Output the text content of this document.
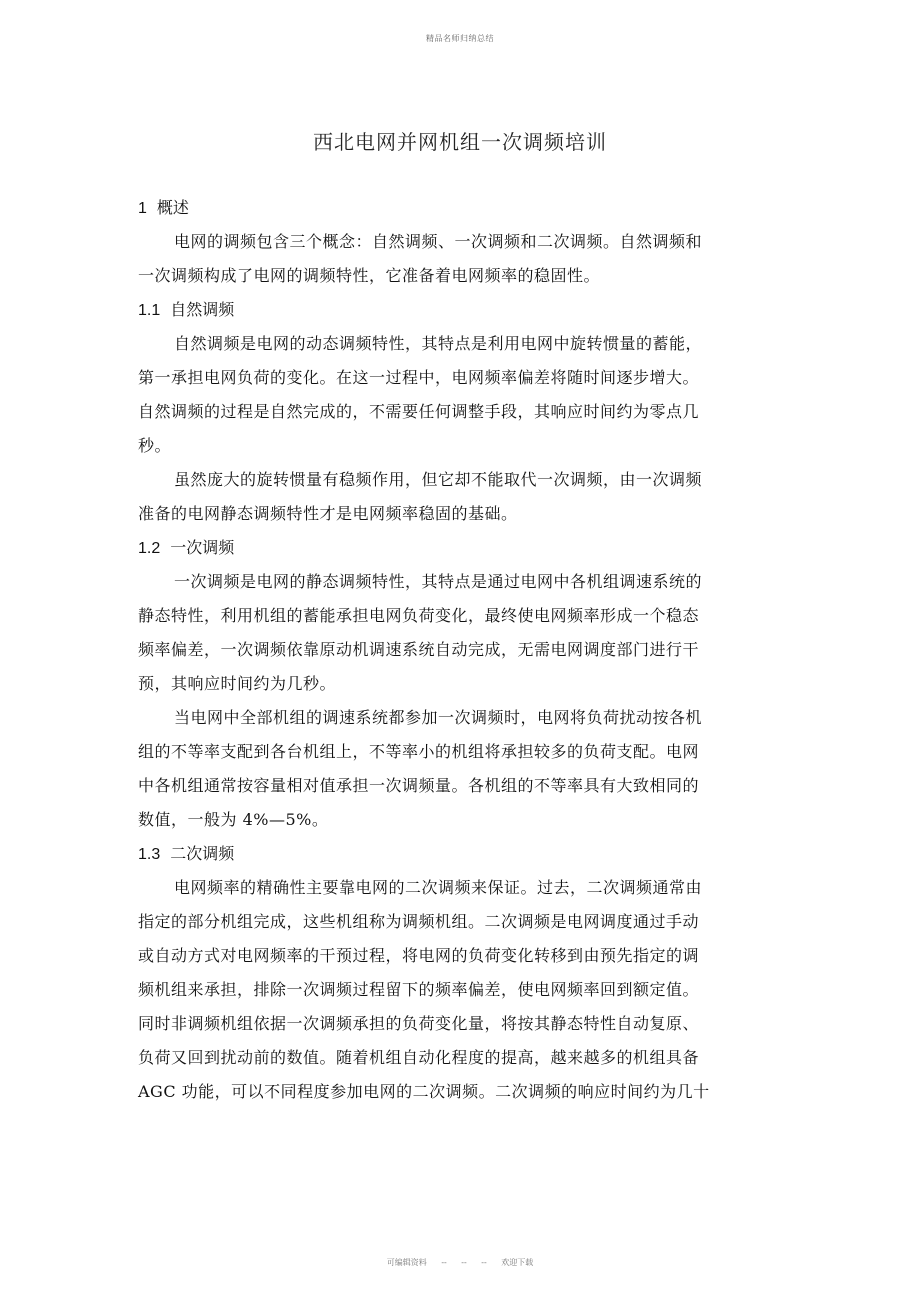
精品名师归纳总结
西北电网并网机组一次调频培训
1 概述
电网的调频包含三个概念：自然调频、一次调频和二次调频。自然调频和
一次调频构成了电网的调频特性，它准备着电网频率的稳固性。
1.1 自然调频
自然调频是电网的动态调频特性，其特点是利用电网中旋转惯量的蓄能，
第一承担电网负荷的变化。在这一过程中，电网频率偏差将随时间逐步增大。
自然调频的过程是自然完成的，不需要任何调整手段，其响应时间约为零点几
秒。
虽然庞大的旋转惯量有稳频作用，但它却不能取代一次调频，由一次调频
准备的电网静态调频特性才是电网频率稳固的基础。
1.2 一次调频
一次调频是电网的静态调频特性，其特点是通过电网中各机组调速系统的
静态特性，利用机组的蓄能承担电网负荷变化，最终使电网频率形成一个稳态
频率偏差，一次调频依靠原动机调速系统自动完成，无需电网调度部门进行干
预，其响应时间约为几秒。
当电网中全部机组的调速系统都参加一次调频时，电网将负荷扰动按各机
组的不等率支配到各台机组上，不等率小的机组将承担较多的负荷支配。电网
中各机组通常按容量相对值承担一次调频量。各机组的不等率具有大致相同的
数值，一般为 4%—5%。
1.3 二次调频
电网频率的精确性主要靠电网的二次调频来保证。过去，二次调频通常由
指定的部分机组完成，这些机组称为调频机组。二次调频是电网调度通过手动
或自动方式对电网频率的干预过程，将电网的负荷变化转移到由预先指定的调
频机组来承担，排除一次调频过程留下的频率偏差，使电网频率回到额定值。
同时非调频机组依据一次调频承担的负荷变化量，将按其静态特性自动复原、
负荷又回到扰动前的数值。随着机组自动化程度的提高，越来越多的机组具备
AGC 功能，可以不同程度参加电网的二次调频。二次调频的响应时间约为几十
可编辑资料 -- -- -- 欢迎下载
